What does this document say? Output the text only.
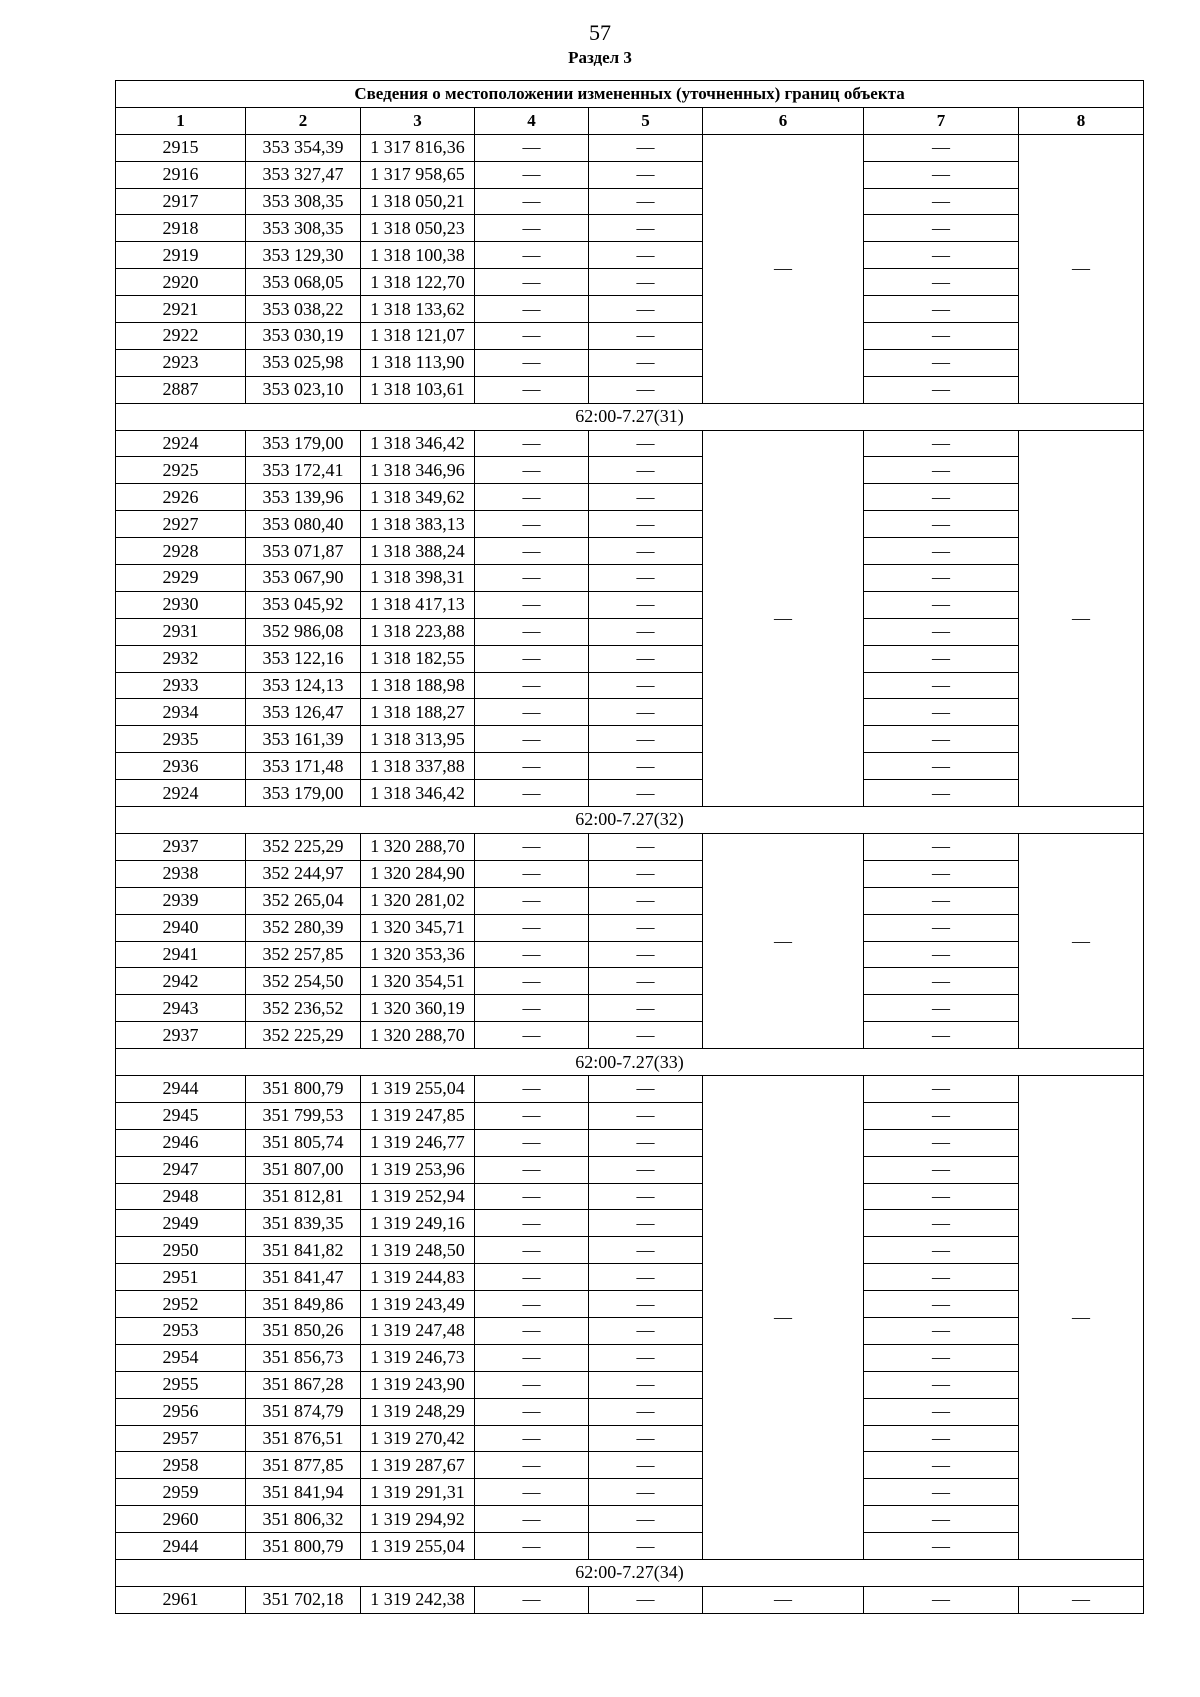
57
Раздел 3
Сведения о местоположении измененных (уточненных) границ объекта							
1	2	3	4	5	6	7	8
2915	353 354,39	1 317 816,36	—	—	—	—	—
2916	353 327,47	1 317 958,65	—	—		—	
2917	353 308,35	1 318 050,21	—	—		—	
2918	353 308,35	1 318 050,23	—	—		—	
2919	353 129,30	1 318 100,38	—	—		—	
2920	353 068,05	1 318 122,70	—	—		—	
2921	353 038,22	1 318 133,62	—	—		—	
2922	353 030,19	1 318 121,07	—	—		—	
2923	353 025,98	1 318 113,90	—	—		—	
2887	353 023,10	1 318 103,61	—	—		—	
62:00-7.27(31)							
2924	353 179,00	1 318 346,42	—	—	—	—	—
2925	353 172,41	1 318 346,96	—	—		—	
2926	353 139,96	1 318 349,62	—	—		—	
2927	353 080,40	1 318 383,13	—	—		—	
2928	353 071,87	1 318 388,24	—	—		—	
2929	353 067,90	1 318 398,31	—	—		—	
2930	353 045,92	1 318 417,13	—	—		—	
2931	352 986,08	1 318 223,88	—	—		—	
2932	353 122,16	1 318 182,55	—	—		—	
2933	353 124,13	1 318 188,98	—	—		—	
2934	353 126,47	1 318 188,27	—	—		—	
2935	353 161,39	1 318 313,95	—	—		—	
2936	353 171,48	1 318 337,88	—	—		—	
2924	353 179,00	1 318 346,42	—	—		—	
62:00-7.27(32)							
2937	352 225,29	1 320 288,70	—	—	—	—	—
2938	352 244,97	1 320 284,90	—	—		—	
2939	352 265,04	1 320 281,02	—	—		—	
2940	352 280,39	1 320 345,71	—	—		—	
2941	352 257,85	1 320 353,36	—	—		—	
2942	352 254,50	1 320 354,51	—	—		—	
2943	352 236,52	1 320 360,19	—	—		—	
2937	352 225,29	1 320 288,70	—	—		—	
62:00-7.27(33)							
2944	351 800,79	1 319 255,04	—	—	—	—	—
2945	351 799,53	1 319 247,85	—	—		—	
2946	351 805,74	1 319 246,77	—	—		—	
2947	351 807,00	1 319 253,96	—	—		—	
2948	351 812,81	1 319 252,94	—	—		—	
2949	351 839,35	1 319 249,16	—	—		—	
2950	351 841,82	1 319 248,50	—	—		—	
2951	351 841,47	1 319 244,83	—	—		—	
2952	351 849,86	1 319 243,49	—	—		—	
2953	351 850,26	1 319 247,48	—	—		—	
2954	351 856,73	1 319 246,73	—	—		—	
2955	351 867,28	1 319 243,90	—	—		—	
2956	351 874,79	1 319 248,29	—	—		—	
2957	351 876,51	1 319 270,42	—	—		—	
2958	351 877,85	1 319 287,67	—	—		—	
2959	351 841,94	1 319 291,31	—	—		—	
2960	351 806,32	1 319 294,92	—	—		—	
2944	351 800,79	1 319 255,04	—	—		—	
62:00-7.27(34)							
2961	351 702,18	1 319 242,38	—	—	—	—	—
